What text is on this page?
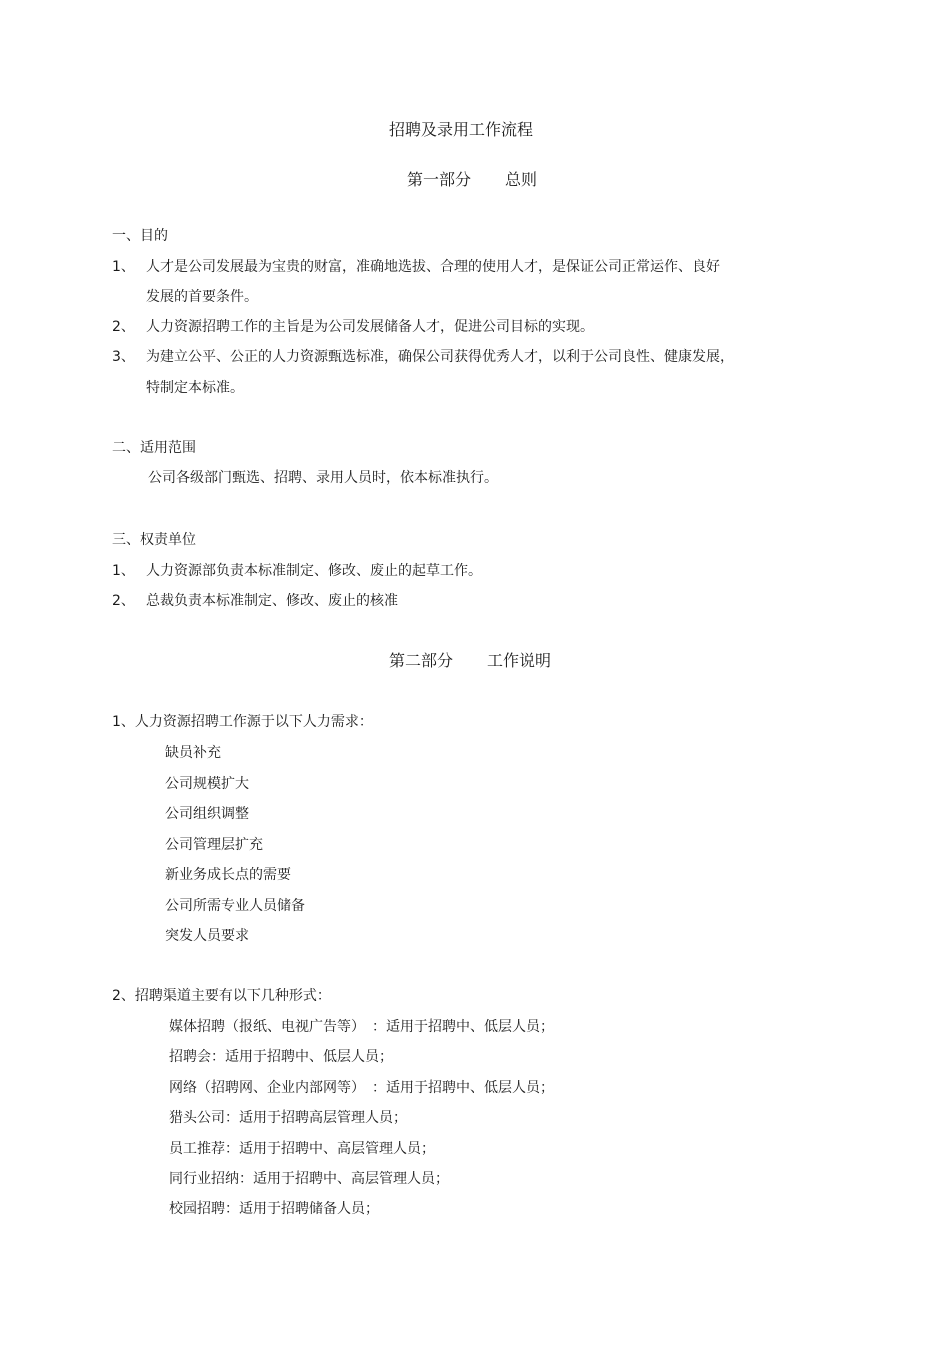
招聘及录用工作流程
第一部分 总则
一、目的
1、 人才是公司发展最为宝贵的财富，准确地选拔、合理的使用人才，是保证公司正常运作、良好
发展的首要条件。
2、 人力资源招聘工作的主旨是为公司发展储备人才，促进公司目标的实现。
3、 为建立公平、公正的人力资源甄选标准，确保公司获得优秀人才，以利于公司良性、健康发展，
特制定本标准。
二、适用范围
公司各级部门甄选、招聘、录用人员时，依本标准执行。
三、权责单位
1、 人力资源部负责本标准制定、修改、废止的起草工作。
2、 总裁负责本标准制定、修改、废止的核准
第二部分 工作说明
1、人力资源招聘工作源于以下人力需求：
缺员补充
公司规模扩大
公司组织调整
公司管理层扩充
新业务成长点的需要
公司所需专业人员储备
突发人员要求
2、招聘渠道主要有以下几种形式：
媒体招聘（报纸、电视广告等）　：适用于招聘中、低层人员；
招聘会：适用于招聘中、低层人员；
网络（招聘网、企业内部网等）　：适用于招聘中、低层人员；
猎头公司：适用于招聘高层管理人员；
员工推荐：适用于招聘中、高层管理人员；
同行业招纳：适用于招聘中、高层管理人员；
校园招聘：适用于招聘储备人员；
